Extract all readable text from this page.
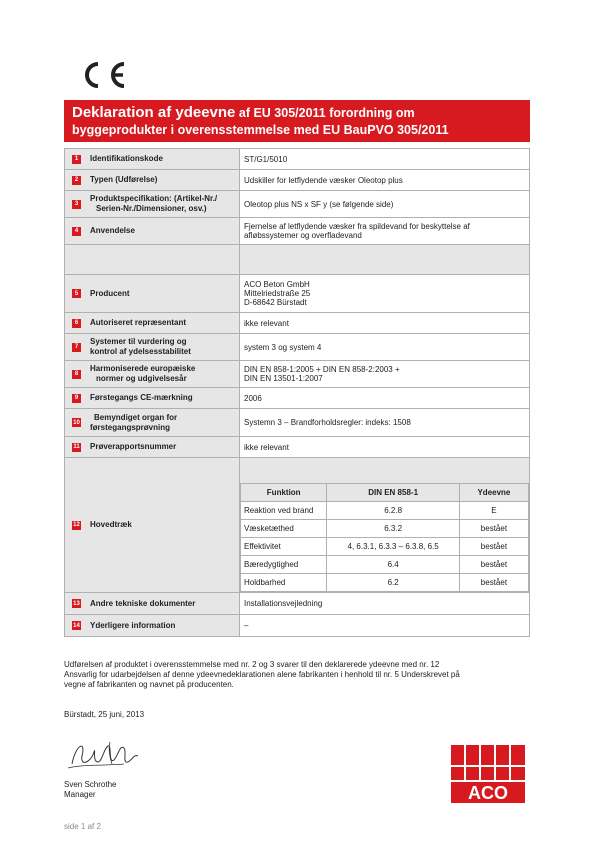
Deklaration af ydeevne af EU 305/2011 forordning om
byggeprodukter i overensstemmelse med EU BauPVO 305/2011
1	Identifikationskode	ST/G1/5010

2	Typen (Udførelse)	Udskiller for letflydende væsker Oleotop plus

3
Produktspecifikation: (Artikel-Nr./
Serien-Nr./Dimensioner, osv.)	Oleotop plus NS x SF y (se følgende side)

4	Anvendelse	Fjernelse af letflydende væsker fra spildevand for beskyttelse af
afløbssystemer og overfladevand

5	Producent
	ACO Beton GmbH
Mittelriedstraße 25
D-68642 Bürstadt

6	Autoriseret repræsentant	ikke relevant

7
Systemer til vurdering og
kontrol af ydelsesstabilitet	system 3 og system 4

8
Harmoniserede europæiske
normer og udgivelsesår
	DIN EN 858-1:2005 + DIN EN 858-2:2003 +
DIN EN 13501-1:2007

9	Førstegangs CE-mærkning	2006

10
Bemyndiget organ for
førstegangsprøvning	Systemn 3 – Brandforholdsregler: indeks: 1508

11 Prøverapportsnummer	ikke relevant

12 Hovedtræk

Funktion	DIN EN 858-1	Ydeevne
Reaktion ved brand	6.2.8	E
Væsketæthed	6.3.2	bestået
Effektivitet	4, 6.3.1, 6.3.3 – 6.3.8, 6.5	bestået
Bæredygtighed	6.4	bestået
Holdbarhed	6.2	bestået

13 Andre tekniske dokumenter	Installationsvejledning

14 Yderligere information	–
Udførelsen af produktet i overensstemmelse med nr. 2 og 3 svarer til den deklarerede ydeevne med nr. 12
Ansvarlig for udarbejdelsen af denne ydeevnedeklarationen alene fabrikanten i henhold til nr. 5 Underskrevet på
vegne af fabrikanten og navnet på producenten.
Bürstadt, 25 juni, 2013
Sven Schrothe
Manager
side 1 af 2
ACO
